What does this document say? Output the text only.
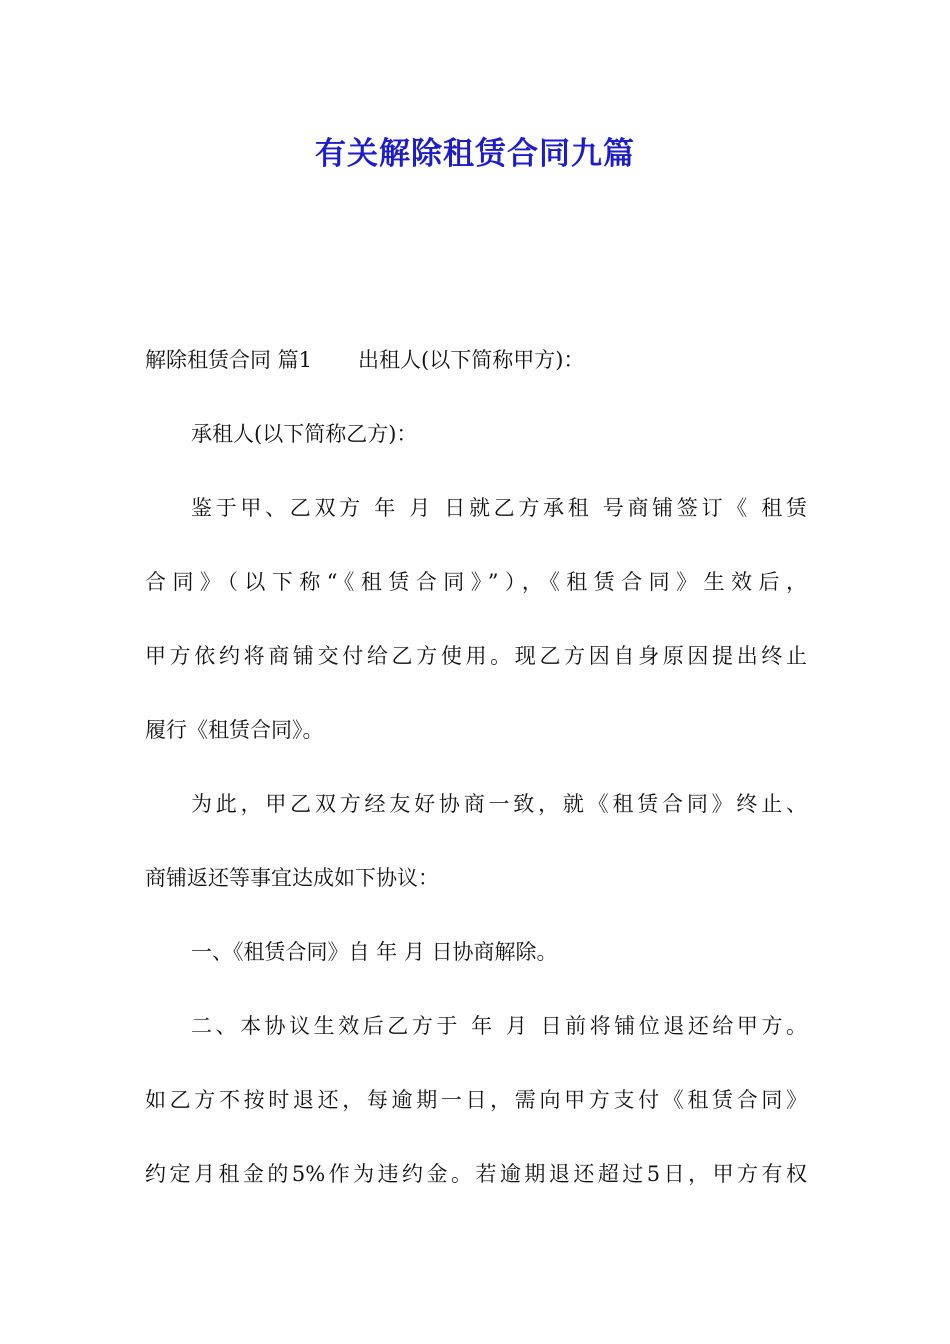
有关解除租赁合同九篇
解除租赁合同 篇1 出租人(以下简称甲方)：
承租人(以下简称乙方)：
鉴于甲、乙双方 年 月 日就乙方承租 号商铺签订《 租赁
合同》（以下称“《租赁合同》”），《租赁合同》生效后，
甲方依约将商铺交付给乙方使用。现乙方因自身原因提出终止
履行《租赁合同》。
为此，甲乙双方经友好协商一致，就《租赁合同》终止、
商铺返还等事宜达成如下协议：
一、《租赁合同》自 年 月 日协商解除。
二、本协议生效后乙方于 年 月 日前将铺位退还给甲方。
如乙方不按时退还，每逾期一日，需向甲方支付《租赁合同》
约定月租金的5%作为违约金。若逾期退还超过5日，甲方有权
